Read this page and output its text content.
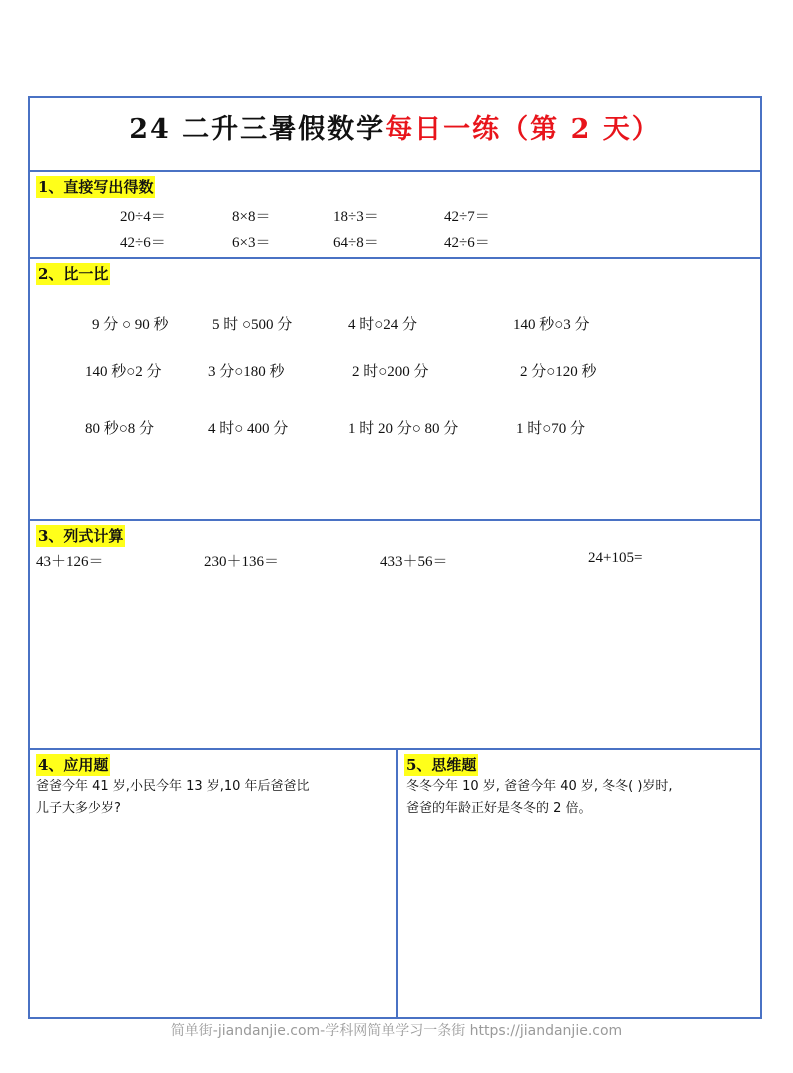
24 二升三暑假数学每日一练（第 2 天）
1、直接写出得数
20÷4＝	8×8＝	18÷3＝	42÷7＝
42÷6＝	6×3＝	64÷8＝	42÷6＝
2、比一比
9 分 ○ 90 秒	5 时 ○500 分	4 时○24 分	140 秒○3 分
140 秒○2 分	3 分○180 秒	2 时○200 分	2 分○120 秒
80 秒○8 分	4 时○ 400 分	1 时 20 分○ 80 分	1 时○70 分
3、列式计算
43＋126＝	230＋136＝	433＋56＝	24+105=
4、应用题
爸爸今年 41 岁,小民今年 13 岁,10 年后爸爸比
儿子大多少岁?
5、思维题
冬冬今年 10 岁, 爸爸今年 40 岁, 冬冬( )岁时,
爸爸的年龄正好是冬冬的 2 倍。
简单街-jiandanjie.com-学科网简单学习一条街 https://jiandanjie.com
